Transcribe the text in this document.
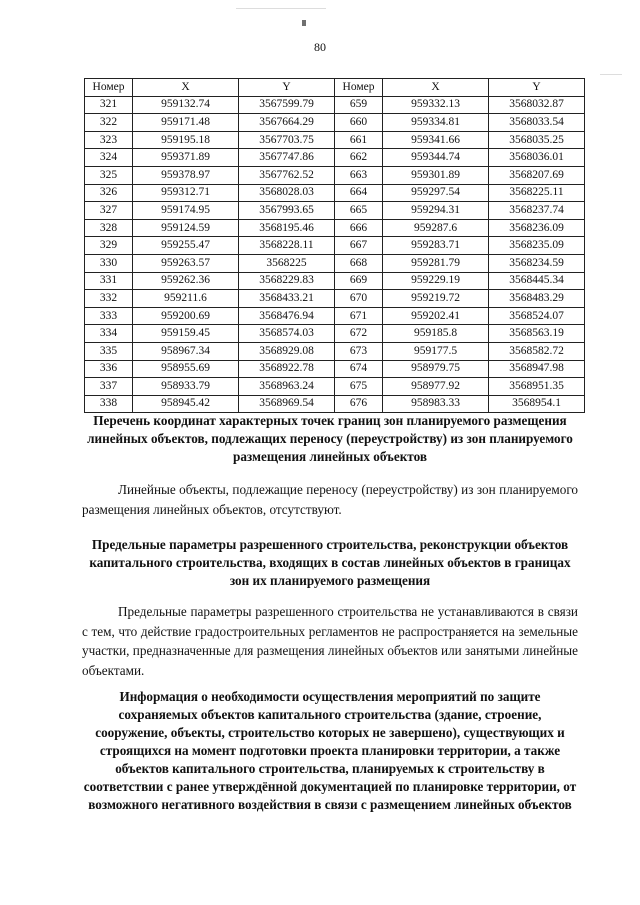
80
Номер	X	Y	Номер	X	Y
321	959132.74	3567599.79	659	959332.13	3568032.87
322	959171.48	3567664.29	660	959334.81	3568033.54
323	959195.18	3567703.75	661	959341.66	3568035.25
324	959371.89	3567747.86	662	959344.74	3568036.01
325	959378.97	3567762.52	663	959301.89	3568207.69
326	959312.71	3568028.03	664	959297.54	3568225.11
327	959174.95	3567993.65	665	959294.31	3568237.74
328	959124.59	3568195.46	666	959287.6	3568236.09
329	959255.47	3568228.11	667	959283.71	3568235.09
330	959263.57	3568225	668	959281.79	3568234.59
331	959262.36	3568229.83	669	959229.19	3568445.34
332	959211.6	3568433.21	670	959219.72	3568483.29
333	959200.69	3568476.94	671	959202.41	3568524.07
334	959159.45	3568574.03	672	959185.8	3568563.19
335	958967.34	3568929.08	673	959177.5	3568582.72
336	958955.69	3568922.78	674	958979.75	3568947.98
337	958933.79	3568963.24	675	958977.92	3568951.35
338	958945.42	3568969.54	676	958983.33	3568954.1
Перечень координат характерных точек границ зон планируемого размещения линейных объектов, подлежащих переносу (переустройству) из зон планируемого размещения линейных объектов
Линейные объекты, подлежащие переносу (переустройству) из зон планируемого размещения линейных объектов, отсутствуют.
Предельные параметры разрешенного строительства, реконструкции объектов капитального строительства, входящих в состав линейных объектов в границах зон их планируемого размещения
Предельные параметры разрешенного строительства не устанавливаются в связи с тем, что действие градостроительных регламентов не распространяется на земельные участки, предназначенные для размещения линейных объектов или занятыми линейные объектами.
Информация о необходимости осуществления мероприятий по защите сохраняемых объектов капитального строительства (здание, строение, сооружение, объекты, строительство которых не завершено), существующих и строящихся на момент подготовки проекта планировки территории, а также объектов капитального строительства, планируемых к строительству в соответствии с ранее утверждённой документацией по планировке территории, от возможного негативного воздействия в связи с размещением линейных объектов
